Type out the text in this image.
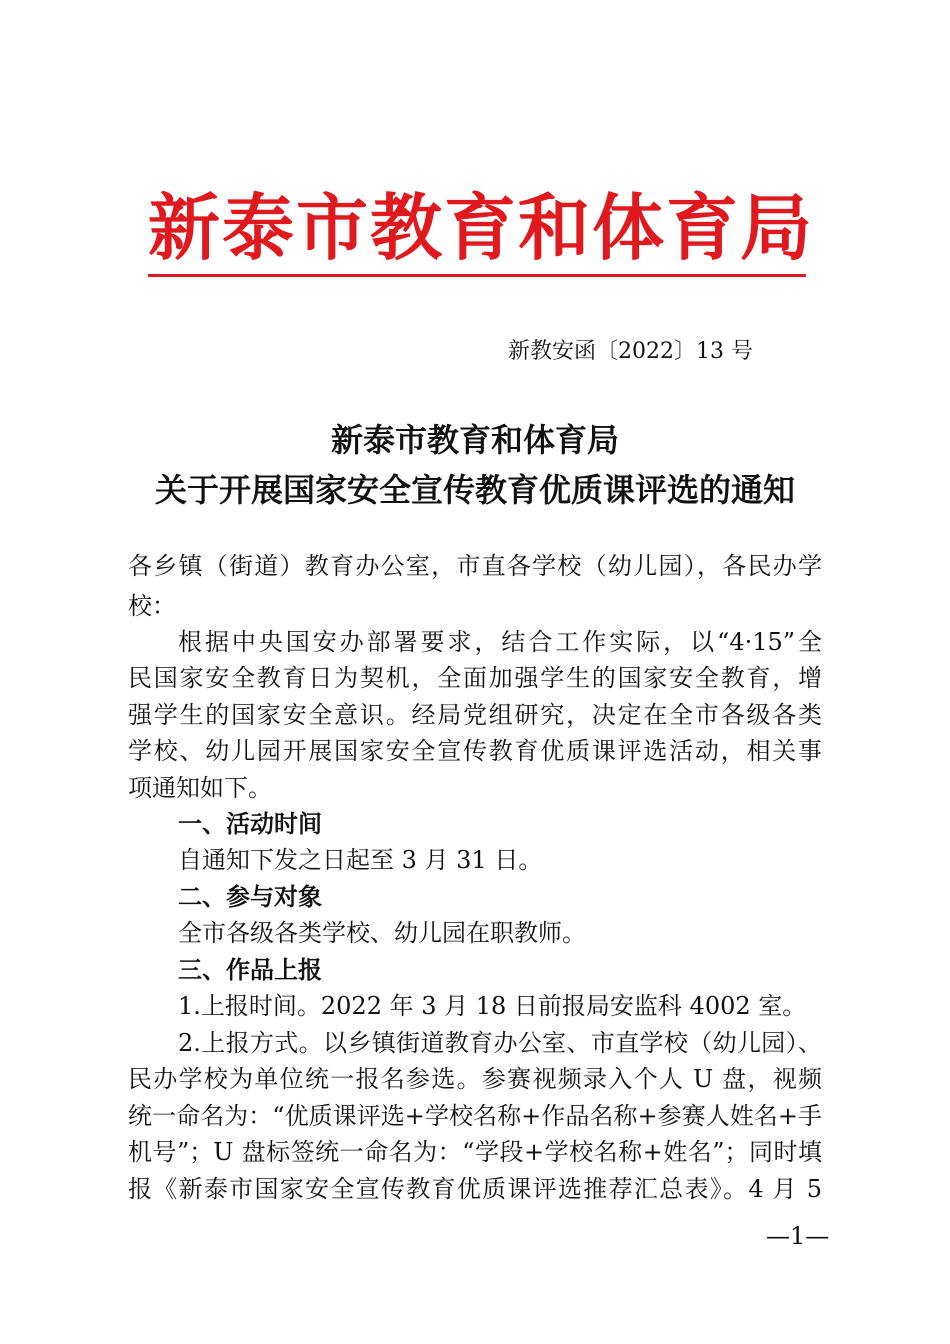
新泰市教育和体育局
新教安函〔2022〕13 号
新泰市教育和体育局
关于开展国家安全宣传教育优质课评选的通知
各乡镇（街道）教育办公室，市直各学校（幼儿园），各民办学
校：
根据中央国安办部署要求，结合工作实际，以“4·15”全
民国家安全教育日为契机，全面加强学生的国家安全教育，增
强学生的国家安全意识。经局党组研究，决定在全市各级各类
学校、幼儿园开展国家安全宣传教育优质课评选活动，相关事
项通知如下。
一、活动时间
自通知下发之日起至 3 月 31 日。
二、参与对象
全市各级各类学校、幼儿园在职教师。
三、作品上报
1.上报时间。2022 年 3 月 18 日前报局安监科 4002 室。
2.上报方式。以乡镇街道教育办公室、市直学校（幼儿园）、
民办学校为单位统一报名参选。参赛视频录入个人 U 盘，视频
统一命名为：“优质课评选+学校名称+作品名称+参赛人姓名+手
机号”；U 盘标签统一命名为：“学段+学校名称+姓名”；同时填
报《新泰市国家安全宣传教育优质课评选推荐汇总表》。4 月 5
—1—
